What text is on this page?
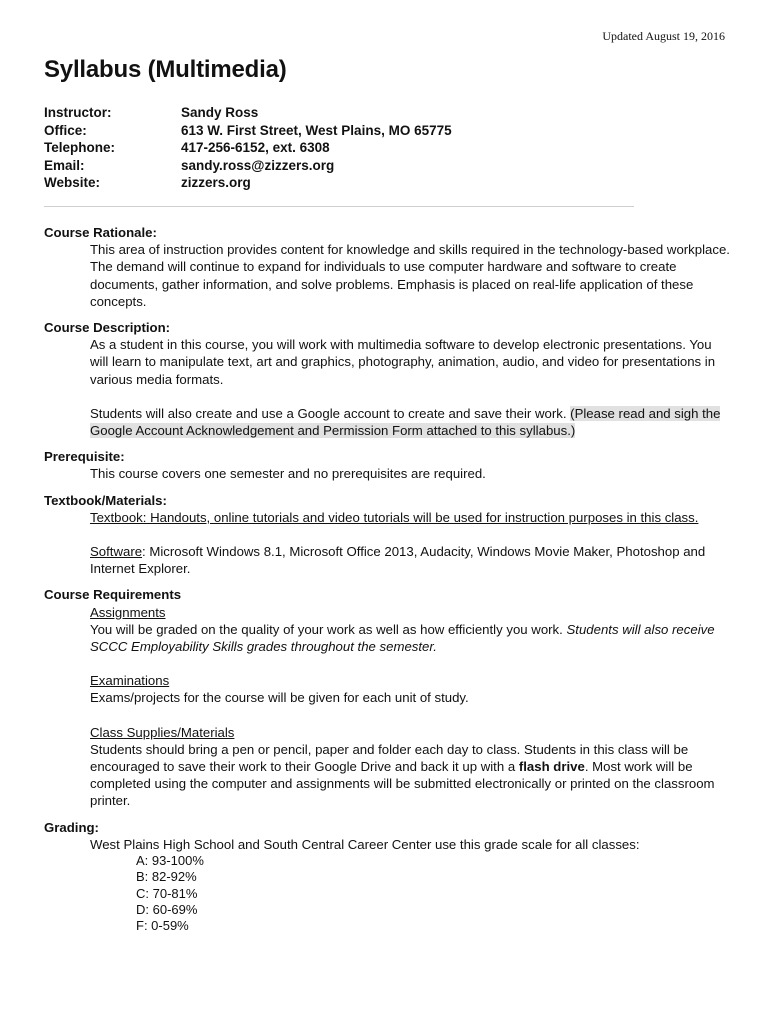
Updated August 19, 2016
Syllabus (Multimedia)
Instructor:	Sandy Ross
Office:	613 W. First Street, West Plains, MO 65775
Telephone:	417-256-6152, ext. 6308
Email:	sandy.ross@zizzers.org
Website:	zizzers.org
Course Rationale:
This area of instruction provides content for knowledge and skills required in the technology-based workplace. The demand will continue to expand for individuals to use computer hardware and software to create documents, gather information, and solve problems. Emphasis is placed on real-life application of these concepts.
Course Description:
As a student in this course, you will work with multimedia software to develop electronic presentations. You will learn to manipulate text, art and graphics, photography, animation, audio, and video for presentations in various media formats.
Students will also create and use a Google account to create and save their work. (Please read and sigh the Google Account Acknowledgement and Permission Form attached to this syllabus.)
Prerequisite:
This course covers one semester and no prerequisites are required.
Textbook/Materials:
Textbook: Handouts, online tutorials and video tutorials will be used for instruction purposes in this class.
Software: Microsoft Windows 8.1, Microsoft Office 2013, Audacity, Windows Movie Maker, Photoshop and Internet Explorer.
Course Requirements
Assignments
You will be graded on the quality of your work as well as how efficiently you work. Students will also receive SCCC Employability Skills grades throughout the semester.
Examinations
Exams/projects for the course will be given for each unit of study.
Class Supplies/Materials
Students should bring a pen or pencil, paper and folder each day to class. Students in this class will be encouraged to save their work to their Google Drive and back it up with a flash drive. Most work will be completed using the computer and assignments will be submitted electronically or printed on the classroom printer.
Grading:
West Plains High School and South Central Career Center use this grade scale for all classes:
A: 93-100%
B: 82-92%
C: 70-81%
D: 60-69%
F: 0-59%
